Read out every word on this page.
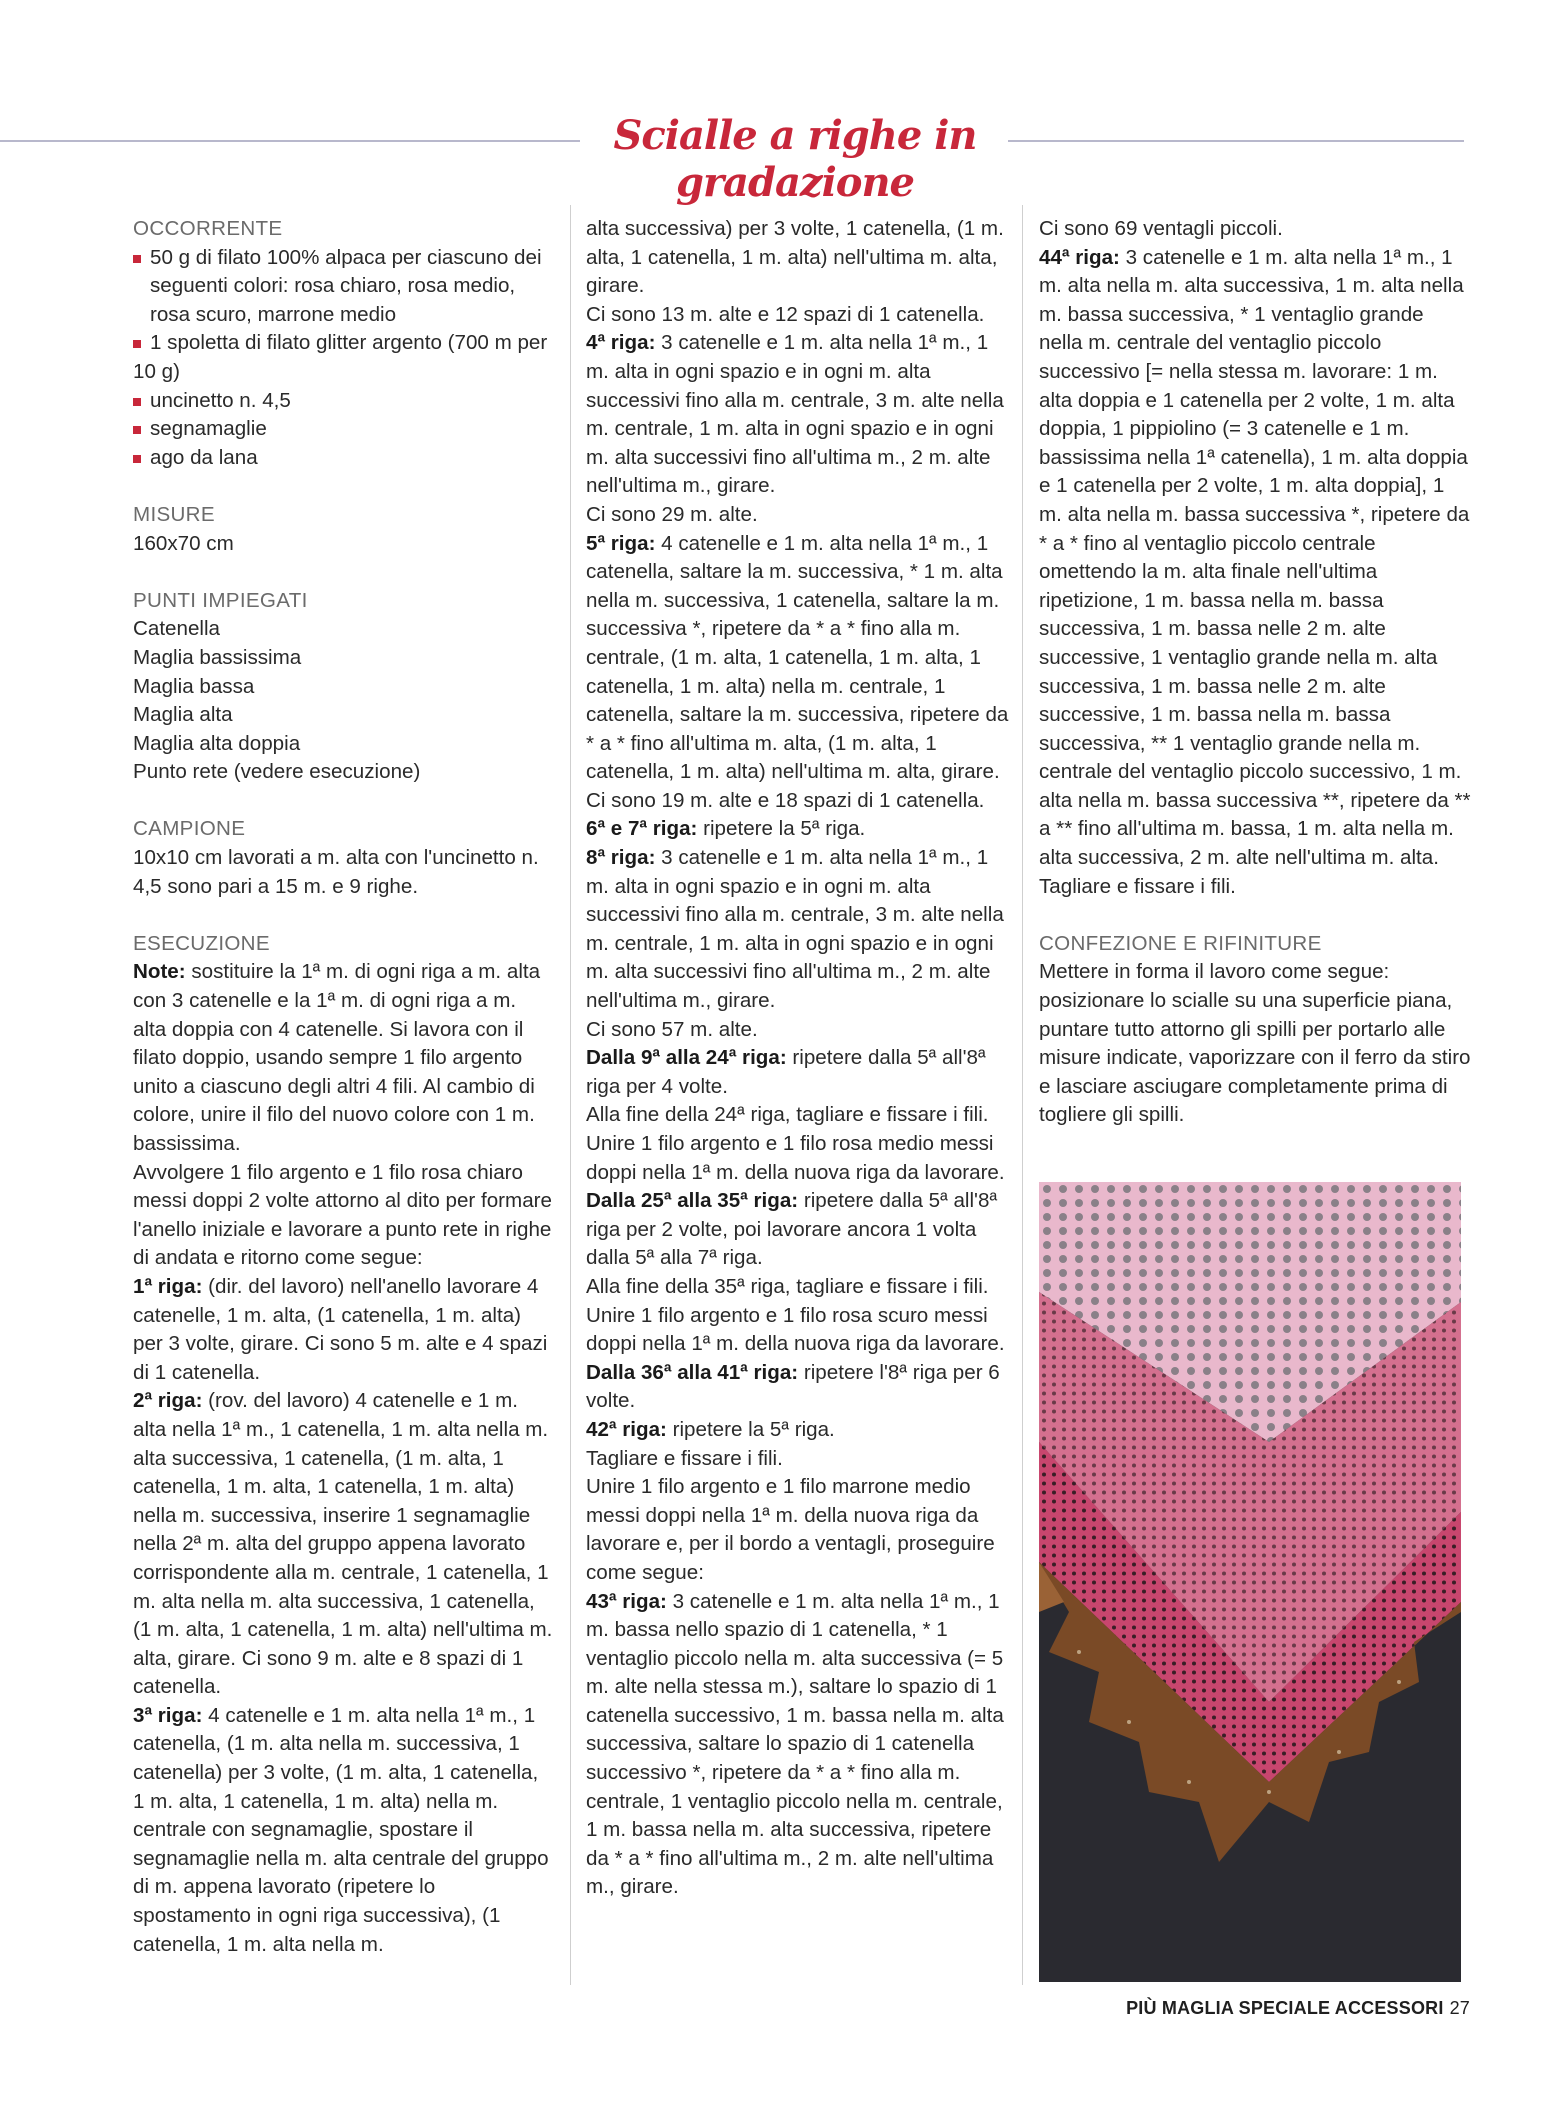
Scialle a righe in gradazione

OCCORRENTE

50 g di filato 100% alpaca per ciascuno dei seguenti colori: rosa chiaro, rosa medio, rosa scuro, marrone medio

1 spoletta di filato glitter argento (700 m per 10 g)

uncinetto n. 4,5

segnamaglie

ago da lana

MISURE

160x70 cm

PUNTI IMPIEGATI

Catenella

Maglia bassissima

Maglia bassa

Maglia alta

Maglia alta doppia

Punto rete (vedere esecuzione)

CAMPIONE

10x10 cm lavorati a m. alta con l'uncinetto n. 4,5 sono pari a 15 m. e 9 righe.

ESECUZIONE

Note: sostituire la 1ª m. di ogni riga a m. alta con 3 catenelle e la 1ª m. di ogni riga a m. alta doppia con 4 catenelle. Si lavora con il filato doppio, usando sempre 1 filo argento unito a ciascuno degli altri 4 fili. Al cambio di colore, unire il filo del nuovo colore con 1 m. bassissima.

Avvolgere 1 filo argento e 1 filo rosa chiaro messi doppi 2 volte attorno al dito per formare l'anello iniziale e lavorare a punto rete in righe di andata e ritorno come segue:

1ª riga: (dir. del lavoro) nell'anello lavorare 4 catenelle, 1 m. alta, (1 catenella, 1 m. alta) per 3 volte, girare. Ci sono 5 m. alte e 4 spazi di 1 catenella.

2ª riga: (rov. del lavoro) 4 catenelle e 1 m. alta nella 1ª m., 1 catenella, 1 m. alta nella m. alta successiva, 1 catenella, (1 m. alta, 1 catenella, 1 m. alta, 1 catenella, 1 m. alta) nella m. successiva, inserire 1 segnamaglie nella 2ª m. alta del gruppo appena lavorato corrispondente alla m. centrale, 1 catenella, 1 m. alta nella m. alta successiva, 1 catenella, (1 m. alta, 1 catenella, 1 m. alta) nell'ultima m. alta, girare. Ci sono 9 m. alte e 8 spazi di 1 catenella.

3ª riga: 4 catenelle e 1 m. alta nella 1ª m., 1 catenella, (1 m. alta nella m. successiva, 1 catenella) per 3 volte, (1 m. alta, 1 catenella, 1 m. alta, 1 catenella, 1 m. alta) nella m. centrale con segnamaglie, spostare il segnamaglie nella m. alta centrale del gruppo di m. appena lavorato (ripetere lo spostamento in ogni riga successiva), (1 catenella, 1 m. alta nella m.

alta successiva) per 3 volte, 1 catenella, (1 m. alta, 1 catenella, 1 m. alta) nell'ultima m. alta, girare.

Ci sono 13 m. alte e 12 spazi di 1 catenella.

4ª riga: 3 catenelle e 1 m. alta nella 1ª m., 1 m. alta in ogni spazio e in ogni m. alta successivi fino alla m. centrale, 3 m. alte nella m. centrale, 1 m. alta in ogni spazio e in ogni m. alta successivi fino all'ultima m., 2 m. alte nell'ultima m., girare.

Ci sono 29 m. alte.

5ª riga: 4 catenelle e 1 m. alta nella 1ª m., 1 catenella, saltare la m. successiva, * 1 m. alta nella m. successiva, 1 catenella, saltare la m. successiva *, ripetere da * a * fino alla m. centrale, (1 m. alta, 1 catenella, 1 m. alta, 1 catenella, 1 m. alta) nella m. centrale, 1 catenella, saltare la m. successiva, ripetere da * a * fino all'ultima m. alta, (1 m. alta, 1 catenella, 1 m. alta) nell'ultima m. alta, girare. Ci sono 19 m. alte e 18 spazi di 1 catenella.

6ª e 7ª riga: ripetere la 5ª riga.

8ª riga: 3 catenelle e 1 m. alta nella 1ª m., 1 m. alta in ogni spazio e in ogni m. alta successivi fino alla m. centrale, 3 m. alte nella m. centrale, 1 m. alta in ogni spazio e in ogni m. alta successivi fino all'ultima m., 2 m. alte nell'ultima m., girare.

Ci sono 57 m. alte.

Dalla 9ª alla 24ª riga: ripetere dalla 5ª all'8ª riga per 4 volte.

Alla fine della 24ª riga, tagliare e fissare i fili. Unire 1 filo argento e 1 filo rosa medio messi doppi nella 1ª m. della nuova riga da lavorare.

Dalla 25ª alla 35ª riga: ripetere dalla 5ª all'8ª riga per 2 volte, poi lavorare ancora 1 volta dalla 5ª alla 7ª riga.

Alla fine della 35ª riga, tagliare e fissare i fili. Unire 1 filo argento e 1 filo rosa scuro messi doppi nella 1ª m. della nuova riga da lavorare.

Dalla 36ª alla 41ª riga: ripetere l'8ª riga per 6 volte.

42ª riga: ripetere la 5ª riga.

Tagliare e fissare i fili.

Unire 1 filo argento e 1 filo marrone medio messi doppi nella 1ª m. della nuova riga da lavorare e, per il bordo a ventagli, proseguire come segue:

43ª riga: 3 catenelle e 1 m. alta nella 1ª m., 1 m. bassa nello spazio di 1 catenella, * 1 ventaglio piccolo nella m. alta successiva (= 5 m. alte nella stessa m.), saltare lo spazio di 1 catenella successivo, 1 m. bassa nella m. alta successiva, saltare lo spazio di 1 catenella successivo *, ripetere da * a * fino alla m. centrale, 1 ventaglio piccolo nella m. centrale, 1 m. bassa nella m. alta successiva, ripetere da * a * fino all'ultima m., 2 m. alte nell'ultima m., girare.

Ci sono 69 ventagli piccoli.

44ª riga: 3 catenelle e 1 m. alta nella 1ª m., 1 m. alta nella m. alta successiva, 1 m. alta nella m. bassa successiva, * 1 ventaglio grande nella m. centrale del ventaglio piccolo successivo [= nella stessa m. lavorare: 1 m. alta doppia e 1 catenella per 2 volte, 1 m. alta doppia, 1 pippiolino (= 3 catenelle e 1 m. bassissima nella 1ª catenella), 1 m. alta doppia e 1 catenella per 2 volte, 1 m. alta doppia], 1 m. alta nella m. bassa successiva *, ripetere da * a * fino al ventaglio piccolo centrale omettendo la m. alta finale nell'ultima ripetizione, 1 m. bassa nella m. bassa successiva, 1 m. bassa nelle 2 m. alte successive, 1 ventaglio grande nella m. alta successiva, 1 m. bassa nelle 2 m. alte successive, 1 m. bassa nella m. bassa successiva, ** 1 ventaglio grande nella m. centrale del ventaglio piccolo successivo, 1 m. alta nella m. bassa successiva **, ripetere da ** a ** fino all'ultima m. bassa, 1 m. alta nella m. alta successiva, 2 m. alte nell'ultima m. alta.

Tagliare e fissare i fili.

CONFEZIONE E RIFINITURE

Mettere in forma il lavoro come segue: posizionare lo scialle su una superficie piana, puntare tutto attorno gli spilli per portarlo alle misure indicate, vaporizzare con il ferro da stiro e lasciare asciugare completamente prima di togliere gli spilli.

PIÙ MAGLIA SPECIALE ACCESSORI 27
